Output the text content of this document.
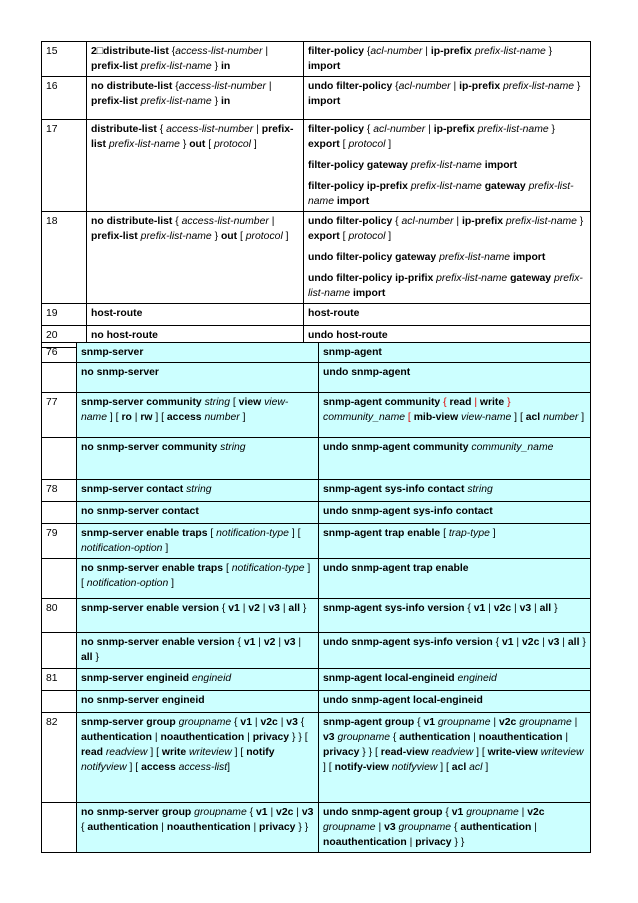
15	2□distribute-list {access-list-number | prefix-list prefix-list-name } in	filter-policy {acl-number | ip-prefix prefix-list-name } import

16	no distribute-list {access-list-number | prefix-list prefix-list-name } in	undo filter-policy {acl-number | ip-prefix prefix-list-name } import

17	distribute-list { access-list-number | prefix-list prefix-list-name } out [ protocol ]	filter-policy { acl-number | ip-prefix prefix-list-name } export [ protocol ]
filter-policy gateway prefix-list-name import
filter-policy ip-prefix prefix-list-name gateway prefix-list-name import

18	no distribute-list { access-list-number | prefix-list prefix-list-name } out [ protocol ]	undo filter-policy { acl-number | ip-prefix prefix-list-name } export [ protocol ]
undo filter-policy gateway prefix-list-name import
undo filter-policy ip-prifix prefix-list-name gateway prefix-list-name import

19	host-route	host-route

20	no host-route	undo host-route
76	snmp-server	snmp-agent
	no snmp-server	undo snmp-agent
77	snmp-server community string [ view view-name ] [ ro | rw ] [ access number ]	snmp-agent community { read | write } community_name [ mib-view view-name ] [ acl number ]
	no snmp-server community string	undo snmp-agent community community_name
78	snmp-server contact string	snmp-agent sys-info contact string
	no snmp-server contact	undo snmp-agent sys-info contact
79	snmp-server enable traps [ notification-type ] [ notification-option ]	snmp-agent trap enable [ trap-type ]
	no snmp-server enable traps [ notification-type ] [ notification-option ]	undo snmp-agent trap enable
80	snmp-server enable version { v1 | v2 | v3 | all }	snmp-agent sys-info version { v1 | v2c | v3 | all }
	no snmp-server enable version { v1 | v2 | v3 | all }	undo snmp-agent sys-info version { v1 | v2c | v3 | all }
81	snmp-server engineid engineid	snmp-agent local-engineid engineid
	no snmp-server engineid	undo snmp-agent local-engineid
82	snmp-server group groupname { v1 | v2c | v3 { authentication | noauthentication | privacy } } [ read readview ] [ write writeview ] [ notify notifyview ] [ access access-list]	snmp-agent group { v1 groupname | v2c groupname | v3 groupname { authentication | noauthentication | privacy } } [ read-view readview ] [ write-view writeview ] [ notify-view notifyview ] [ acl acl ]
	no snmp-server group groupname { v1 | v2c | v3 { authentication | noauthentication | privacy } }	undo snmp-agent group { v1 groupname | v2c groupname | v3 groupname { authentication | noauthentication | privacy } }
